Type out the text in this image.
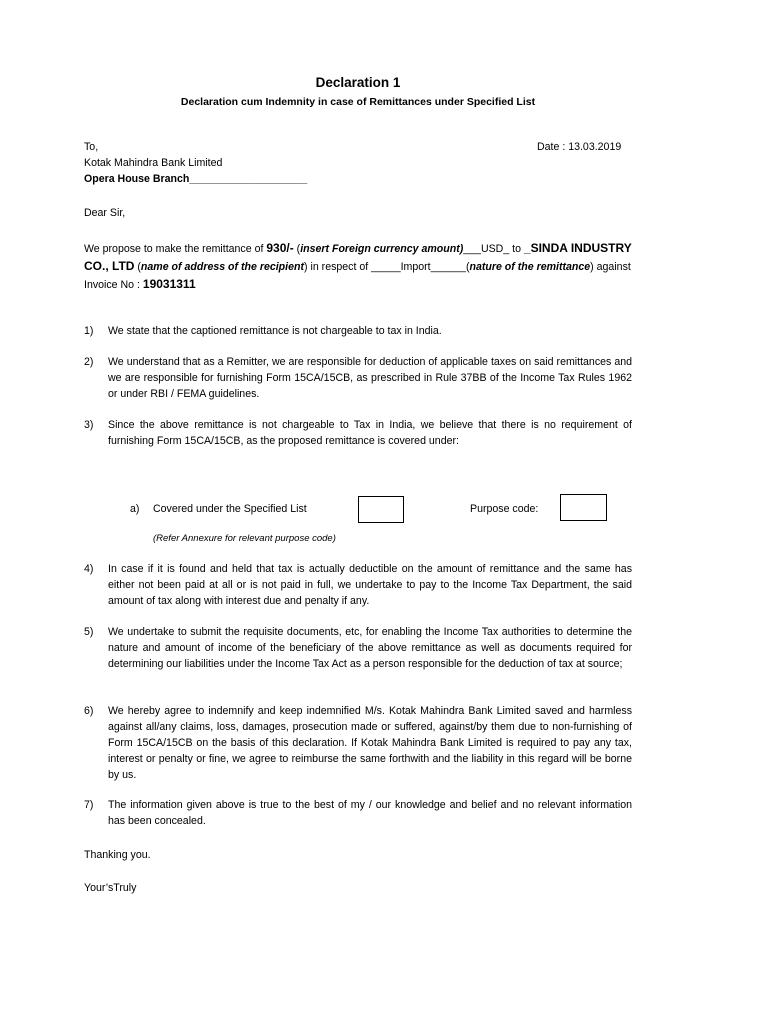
Declaration 1
Declaration cum Indemnity in case of Remittances under Specified List
To,	Date : 13.03.2019
Kotak Mahindra Bank Limited
Opera House Branch____________________
Dear Sir,
We propose to make the remittance of 930/- (insert Foreign currency amount)___USD_ to _SINDA INDUSTRY CO., LTD (name of address of the recipient) in respect of _____Import______(nature of the remittance) against Invoice No : 19031311
1)	We state that the captioned remittance is not chargeable to tax in India.
2)	We understand that as a Remitter, we are responsible for deduction of applicable taxes on said remittances and we are responsible for furnishing Form 15CA/15CB, as prescribed in Rule 37BB of the Income Tax Rules 1962 or under RBI / FEMA guidelines.
3)	Since the above remittance is not chargeable to Tax in India, we believe that there is no requirement of furnishing Form 15CA/15CB, as the proposed remittance is covered under:
a) Covered under the Specified List	Purpose code:
(Refer Annexure for relevant purpose code)
4)	In case if it is found and held that tax is actually deductible on the amount of remittance and the same has either not been paid at all or is not paid in full, we undertake to pay to the Income Tax Department, the said amount of tax along with interest due and penalty if any.
5)	We undertake to submit the requisite documents, etc, for enabling the Income Tax authorities to determine the nature and amount of income of the beneficiary of the above remittance as well as documents required for determining our liabilities under the Income Tax Act as a person responsible for the deduction of tax at source;
6)	We hereby agree to indemnify and keep indemnified M/s. Kotak Mahindra Bank Limited saved and harmless against all/any claims, loss, damages, prosecution made or suffered, against/by them due to non-furnishing of Form 15CA/15CB on the basis of this declaration. If Kotak Mahindra Bank Limited is required to pay any tax, interest or penalty or fine, we agree to reimburse the same forthwith and the liability in this regard will be borne by us.
7)	The information given above is true to the best of my / our knowledge and belief and no relevant information has been concealed.
Thanking you.
Your’sTruly
